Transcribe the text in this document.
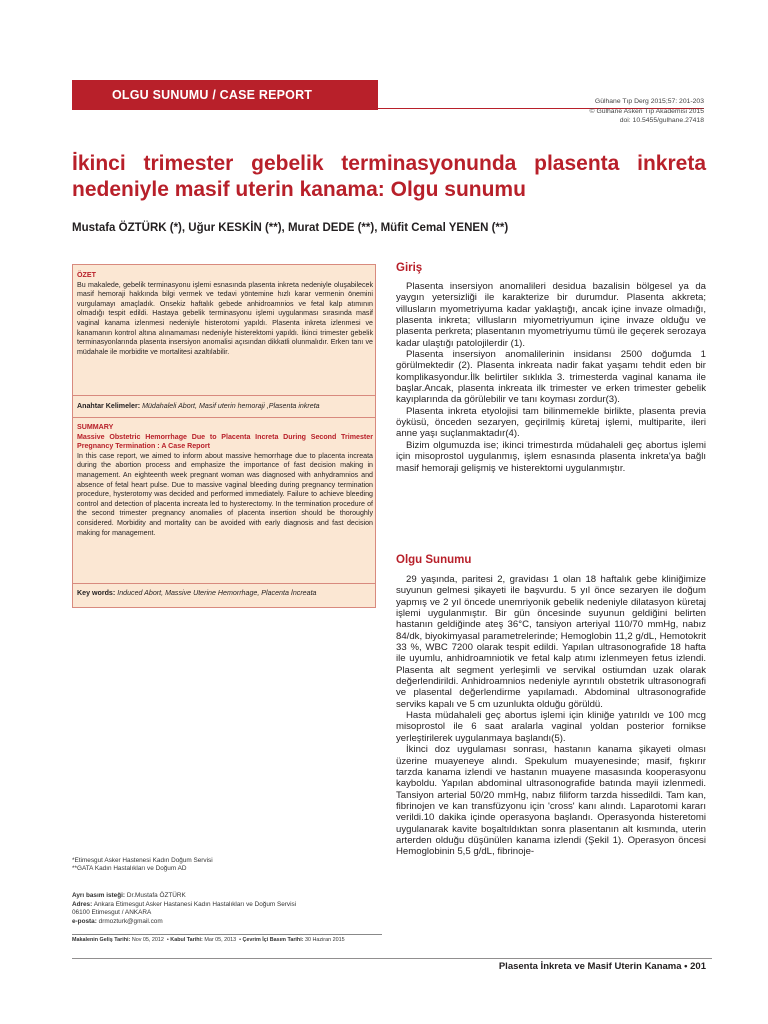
OLGU SUNUMU / CASE REPORT	Gülhane Tıp Derg 2015;57: 201-203
© Gülhane Askeri Tıp Akademisi 2015
doi: 10.5455/gulhane.27418
İkinci trimester gebelik terminasyonunda plasenta inkreta nedeniyle masif uterin kanama: Olgu sunumu
Mustafa ÖZTÜRK (*), Uğur KESKİN (**), Murat DEDE (**), Müfit Cemal YENEN (**)
ÖZET
Bu makalede, gebelik terminasyonu işlemi esnasında plasenta inkreta nedeniyle oluşabilecek masif hemoraji hakkında bilgi vermek ve tedavi yöntemine hızlı karar vermenin önemini vurgulamayı amaçladık. Onsekiz haftalık gebede anhidroamnios ve fetal kalp atımının olmadığı tespit edildi. Hastaya gebelik terminasyonu işlemi uygulanması sırasında masif vaginal kanama izlenmesi nedeniyle histerotomi yapıldı. Plasenta inkreta izlenmesi ve kanamanın kontrol altına alınamaması nedeniyle histerektomi yapıldı. İkinci trimester gebelik terminasyonlarında plasenta insersiyon anomalisi açısından dikkatli olunmalıdır. Erken tanı ve müdahale ile morbidite ve mortalitesi azaltılabilir.
Anahtar Kelimeler: Müdahaleli Abort, Masif uterin hemoraji ,Plasenta inkreta
SUMMARY
Massive Obstetric Hemorrhage Due to Placenta Increta During Second Trimester Pregnancy Termination : A Case Report
In this case report, we aimed to inform about massive hemorrhage due to placenta increata during the abortion process and emphasize the importance of fast decision making in management. An eighteenth week pregnant woman was diagnosed with anhydramnios and absence of fetal heart pulse. Due to massive vaginal bleeding during pregnancy termination procedure, hysterotomy was decided and performed immediately. Failure to achieve bleeding control and detection of placenta increata led to hysterectomy. In the termination procedure of the second trimester pregnancy anomalies of placenta insertion should be thoroughly considered. Morbidity and mortality can be avoided with early diagnosis and fast decision making for management.
Key words: Induced Abort, Massive Uterine Hemorrhage, Placenta İncreata
*Etimesgut Asker Hastenesi Kadın Doğum Servisi
**GATA Kadın Hastalıkları ve Doğum AD
Ayrı basım isteği: Dr.Mustafa ÖZTÜRK
Adres: Ankara Etimesgut Asker Hastanesi Kadın Hastalıkları ve Doğum Servisi
06100 Etimesgut / ANKARA
e-posta: drmozturk@gmail.com
Makalenin Geliş Tarihi: Nov 05, 2012 • Kabul Tarihi: Mar 05, 2013 • Çevrim İçi Basım Tarihi: 30 Haziran 2015
Giriş

Plasenta insersiyon anomalileri desidua bazalisin bölgesel ya da yaygın yetersizliği ile karakterize bir durumdur. Plasenta akkreta; villusların myometriyuma kadar yaklaştığı, ancak içine invaze olmadığı, plasenta inkreta; villusların miyometriyumun içine invaze olduğu ve plasenta perkreta; plasentanın myometriyumu tümü ile geçerek serozaya kadar ulaştığı patolojilerdir (1).

Plasenta insersiyon anomalilerinin insidansı 2500 doğumda 1 görülmektedir (2). Plasenta inkreata nadir fakat yaşamı tehdit eden bir komplikasyondur.İlk belirtiler sıklıkla 3. trimesterda vaginal kanama ile başlar.Ancak, plasenta inkreata ilk trimester ve erken trimester gebelik kayıplarında da görülebilir ve tanı koyması zordur(3).

Plasenta inkreta etyolojisi tam bilinmemekle birlikte, plasenta previa öyküsü, önceden sezaryen, geçirilmiş küretaj işlemi, multiparite, ileri anne yaşı suçlanmaktadır(4).

Bizim olgumuzda ise; ikinci trimestırda müdahaleli geç abortus işlemi için misoprostol uygulanmış, işlem esnasında plasenta inkreta'ya bağlı masif hemoraji gelişmiş ve histerektomi uygulanmıştır.

Olgu Sunumu

29 yaşında, paritesi 2, gravidası 1 olan 18 haftalık gebe kliniğimize suyunun gelmesi şikayeti ile başvurdu. 5 yıl önce sezaryen ile doğum yapmış ve 2 yıl öncede unemriyonik gebelik nedeniyle dilatasyon küretaj işlemi uygulanmıştır. Bir gün öncesinde suyunun geldiğini belirten hastanın geldiğinde ateş 36°C, tansiyon arteriyal 110/70 mmHg, nabız 84/dk, biyokimyasal parametrelerinde; Hemoglobin 11,2 g/dL, Hemotokrit 33 %, WBC 7200 olarak tespit edildi. Yapılan ultrasonografide 18 hafta ile uyumlu, anhidroamniotik ve fetal kalp atımı izlenmeyen fetus izlendi. Plasenta alt segment yerleşimli ve servikal ostiumdan uzak olarak değerlendirildi. Anhidroamnios nedeniyle ayrıntılı obstetrik ultrasonografi ve plasental değerlendirme yapılamadı. Abdominal ultrasonografide serviks kapalı ve 5 cm uzunlukta olduğu görüldü.

Hasta müdahaleli geç abortus işlemi için kliniğe yatırıldı ve 100 mcg misoprostol ile 6 saat aralarla vaginal yoldan posterior fornikse yerleştirilerek uygulanmaya başlandı(5).

İkinci doz uygulaması sonrası, hastanın kanama şikayeti olması üzerine muayeneye alındı. Spekulum muayenesinde; masif, fışkırır tarzda kanama izlendi ve hastanın muayene masasında kooperasyonu kayboldu. Yapılan abdominal ultrasonografide batında mayii izlenmedi. Tansiyon arterial 50/20 mmHg, nabız filiform tarzda hissedildi. Tam kan, fibrinojen ve kan transfüzyonu için 'cross' kanı alındı. Laparotomi kararı verildi.10 dakika içinde operasyona başlandı. Operasyonda histeretomi uygulanarak kavite boşaltıldıktan sonra plasentanın alt kısmında, uterin arterden olduğu düşünülen kanama izlendi (Şekil 1). Operasyon öncesi Hemoglobinin 5,5 g/dL, fibrinoje-

Plasenta İnkreta ve Masif Uterin Kanama • 201
